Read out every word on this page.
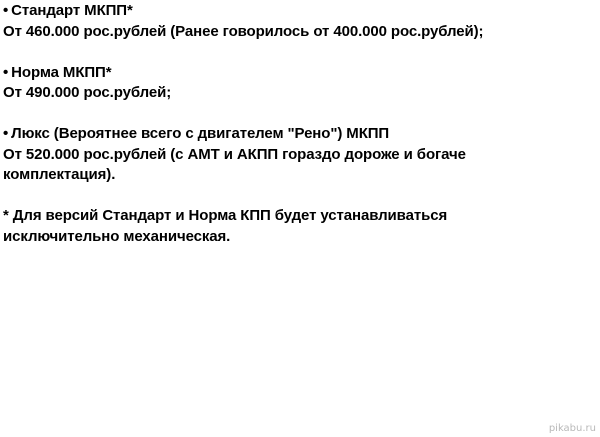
• Стандарт МКПП*
От 460.000 рос.рублей (Ранее говорилось от 400.000 рос.рублей);
• Норма МКПП*
От 490.000 рос.рублей;
• Люкс (Вероятнее всего с двигателем "Рено") МКПП
От 520.000 рос.рублей (с АМТ и АКПП гораздо дороже и богаче
комплектация).
* Для версий Стандарт и Норма КПП будет устанавливаться
исключительно механическая.
pikabu.ru
